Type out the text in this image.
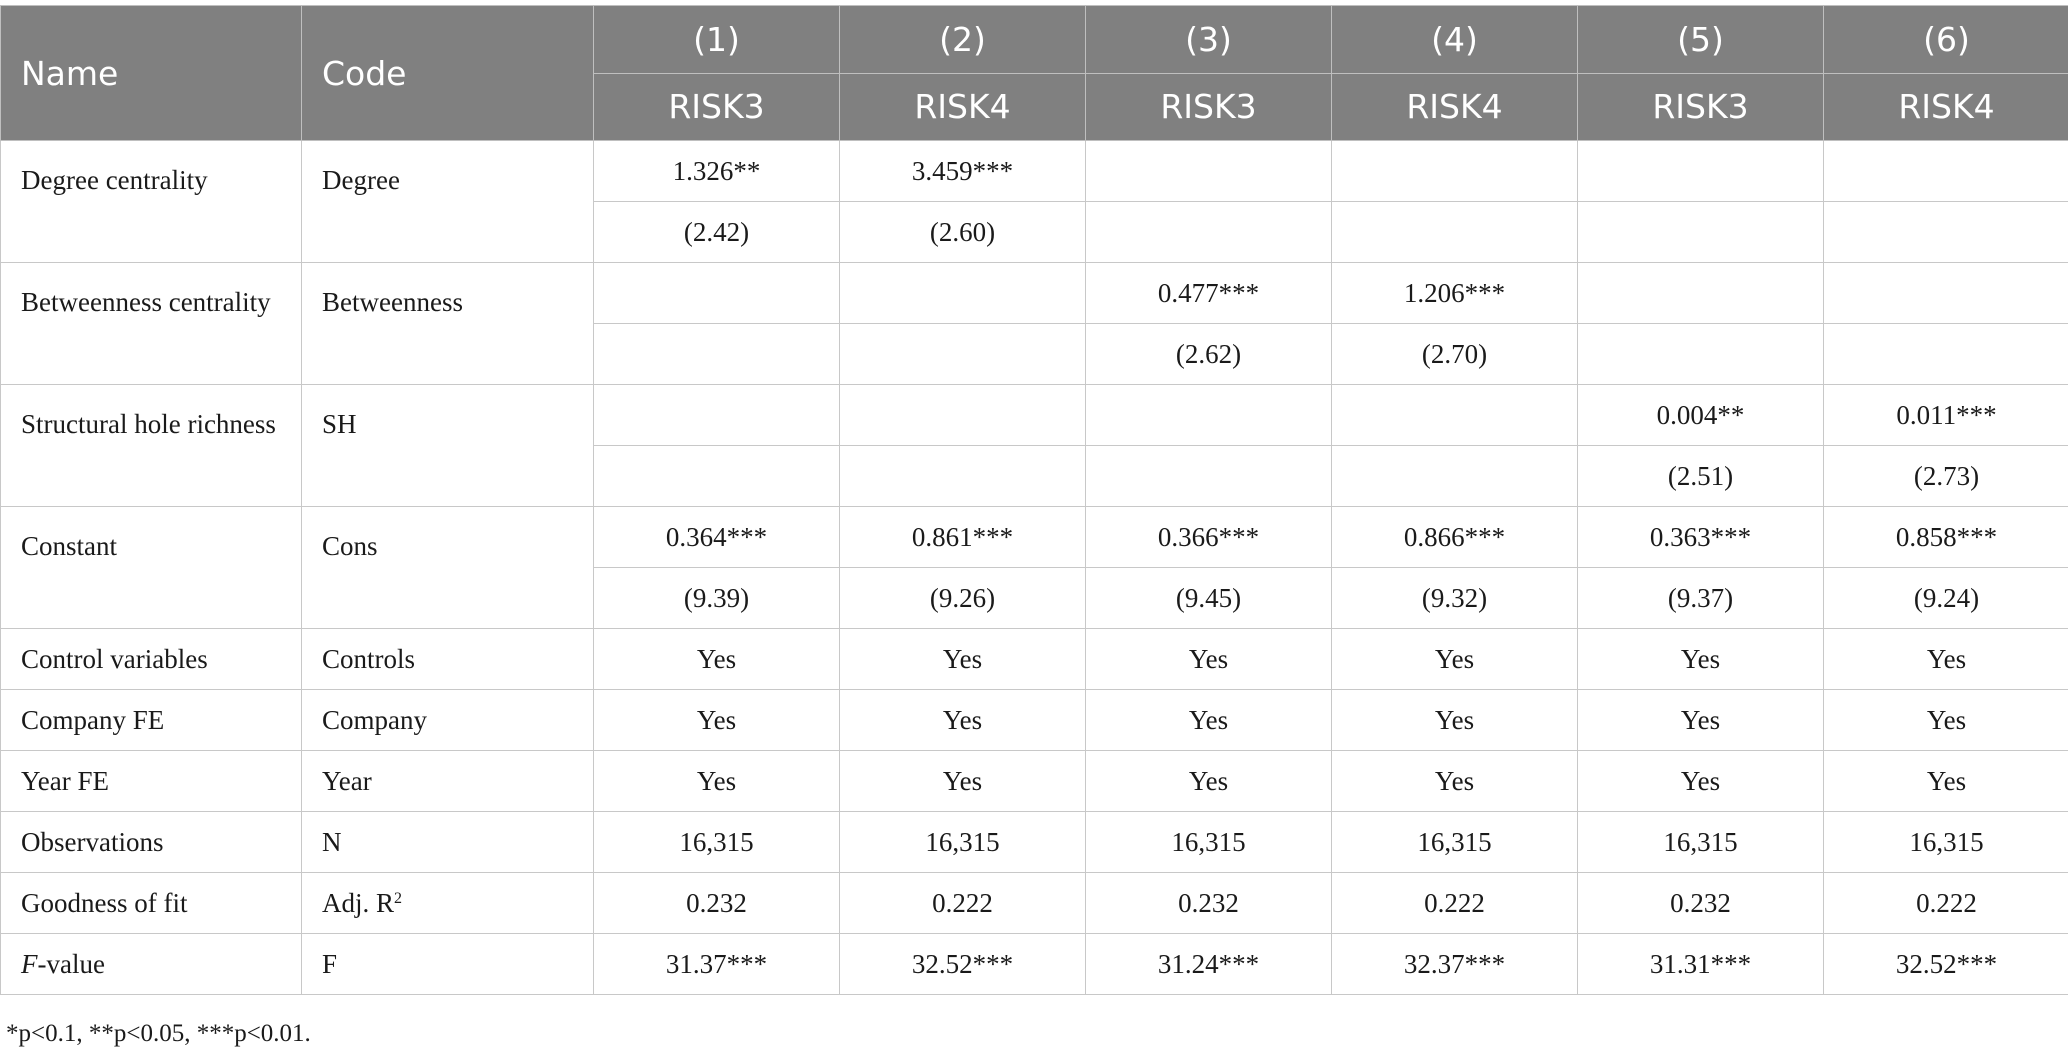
Name	Code	(1)	(2)	(3)	(4)	(5)	(6)
		RISK3	RISK4	RISK3	RISK4	RISK3	RISK4
Degree centrality	Degree	1.326**	3.459***				
		(2.42)	(2.60)				
Betweenness centrality	Betweenness			0.477***	1.206***		
				(2.62)	(2.70)		
Structural hole richness	SH					0.004**	0.011***
						(2.51)	(2.73)
Constant	Cons	0.364***	0.861***	0.366***	0.866***	0.363***	0.858***
		(9.39)	(9.26)	(9.45)	(9.32)	(9.37)	(9.24)
Control variables	Controls	Yes	Yes	Yes	Yes	Yes	Yes
Company FE	Company	Yes	Yes	Yes	Yes	Yes	Yes
Year FE	Year	Yes	Yes	Yes	Yes	Yes	Yes
Observations	N	16,315	16,315	16,315	16,315	16,315	16,315
Goodness of fit	Adj. $R^2$	0.232	0.222	0.232	0.222	0.232	0.222
F-value	F	31.37***	32.52***	31.24***	32.37***	31.31***	32.52***
*p<0.1, **p<0.05, ***p<0.01.
